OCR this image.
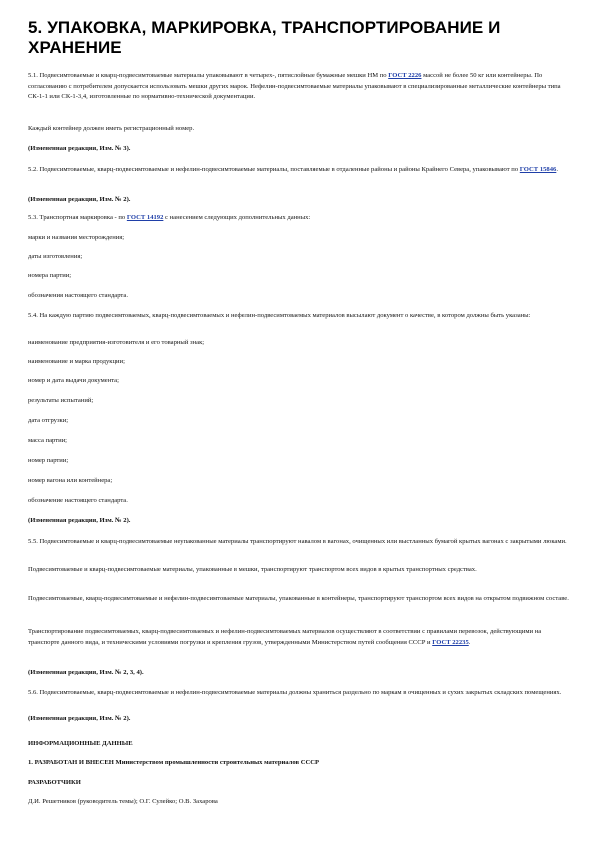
5. УПАКОВКА, МАРКИРОВКА, ТРАНСПОРТИРОВАНИЕ И ХРАНЕНИЕ

5.1. Подвесимтоваемые и кварц-подвесимтоваемые материалы упаковывают в четырех-, пятислойные бумажные мешки НМ по ГОСТ 2226 массой не более 50 кг или контейнеры. По согласованию с потребителем допускается использовать мешки других марок. Нефелин-подвесимтоваемые материалы упаковывают в специализированные металлические контейнеры типа СК-1-1 или СК-1-3,4, изготовленные по нормативно-технической документации.

Каждый контейнер должен иметь регистрационный номер.

(Измененная редакция, Изм. № 3).

5.2. Подвесимтоваемые, кварц-подвесимтоваемые и нефелин-подвесимтоваемые материалы, поставляемые в отдаленные районы и районы Крайнего Севера, упаковывают по ГОСТ 15846.

(Измененная редакция, Изм. № 2).

5.3. Транспортная маркировка - по ГОСТ 14192 с нанесением следующих дополнительных данных:

марки и названия месторождения;

даты изготовления;

номера партии;

обозначения настоящего стандарта.

5.4. На каждую партию подвесимтоваемых, кварц-подвесимтоваемых и нефелин-подвесимтоваемых материалов высылают документ о качестве, в котором должны быть указаны:

наименование предприятия-изготовителя и его товарный знак;

наименование и марка продукции;

номер и дата выдачи документа;

результаты испытаний;

дата отгрузки;

масса партии;

номер партии;

номер вагона или контейнера;

обозначение настоящего стандарта.

(Измененная редакция, Изм. № 2).

5.5. Подвесимтоваемые и кварц-подвесимтоваемые неупакованные материалы транспортируют навалом в вагонах, очищенных или выстланных бумагой крытых вагонах с закрытыми люками.

Подвесимтоваемые и кварц-подвесимтоваемые материалы, упакованные в мешки, транспортируют транспортом всех видов в крытых транспортных средствах.

Подвесимтоваемые, кварц-подвесимтоваемые и нефелин-подвесимтоваемые материалы, упакованные в контейнеры, транспортируют транспортом всех видов на открытом подвижном составе.

Транспортирование подвесимтоваемых, кварц-подвесимтоваемых и нефелин-подвесимтоваемых материалов осуществляют в соответствии с правилами перевозок, действующими на транспорте данного вида, и техническими условиями погрузки и крепления грузов, утвержденными Министерством путей сообщения СССР и ГОСТ 22235.

(Измененная редакция, Изм. № 2, 3, 4).

5.6. Подвесимтоваемые, кварц-подвесимтоваемые и нефелин-подвесимтоваемые материалы должны храниться раздельно по маркам в очищенных и сухих закрытых складских помещениях.

(Измененная редакция, Изм. № 2).

ИНФОРМАЦИОННЫЕ ДАННЫЕ

1. РАЗРАБОТАН И ВНЕСЕН Министерством промышленности строительных материалов СССР

РАЗРАБОТЧИКИ

Д.И. Решетников (руководитель темы); О.Г. Сулейко; О.В. Захарова
